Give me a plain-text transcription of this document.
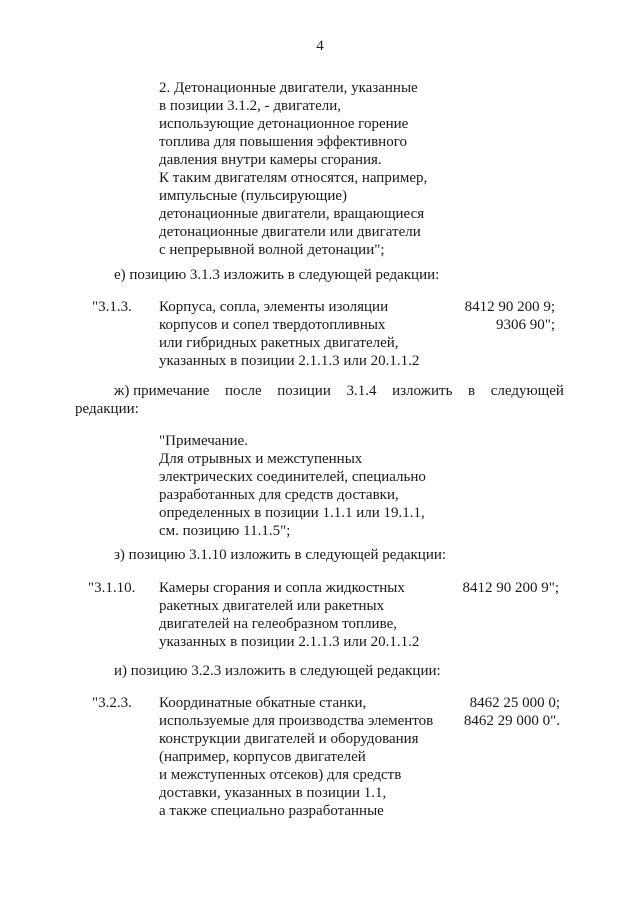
4
2. Детонационные двигатели, указанные
в позиции 3.1.2, - двигатели,
использующие детонационное горение
топлива для повышения эффективного
давления внутри камеры сгорания.
К таким двигателям относятся, например,
импульсные (пульсирующие)
детонационные двигатели, вращающиеся
детонационные двигатели или двигатели
с непрерывной волной детонации";
е) позицию 3.1.3 изложить в следующей редакции:
"3.1.3. Корпуса, сопла, элементы изоляции
корпусов и сопел твердотопливных
или гибридных ракетных двигателей,
указанных в позиции 2.1.1.3 или 20.1.1.2
8412 90 200 9;
9306 90";
ж) примечание после позиции 3.1.4 изложить в следующей
редакции:
"Примечание.
Для отрывных и межступенных
электрических соединителей, специально
разработанных для средств доставки,
определенных в позиции 1.1.1 или 19.1.1,
см. позицию 11.1.5";
з) позицию 3.1.10 изложить в следующей редакции:
"3.1.10. Камеры сгорания и сопла жидкостных
ракетных двигателей или ракетных
двигателей на гелеобразном топливе,
указанных в позиции 2.1.1.3 или 20.1.1.2
8412 90 200 9";
и) позицию 3.2.3 изложить в следующей редакции:
"3.2.3. Координатные обкатные станки,
используемые для производства элементов
конструкции двигателей и оборудования
(например, корпусов двигателей
и межступенных отсеков) для средств
доставки, указанных в позиции 1.1,
а также специально разработанные
8462 25 000 0;
8462 29 000 0".
